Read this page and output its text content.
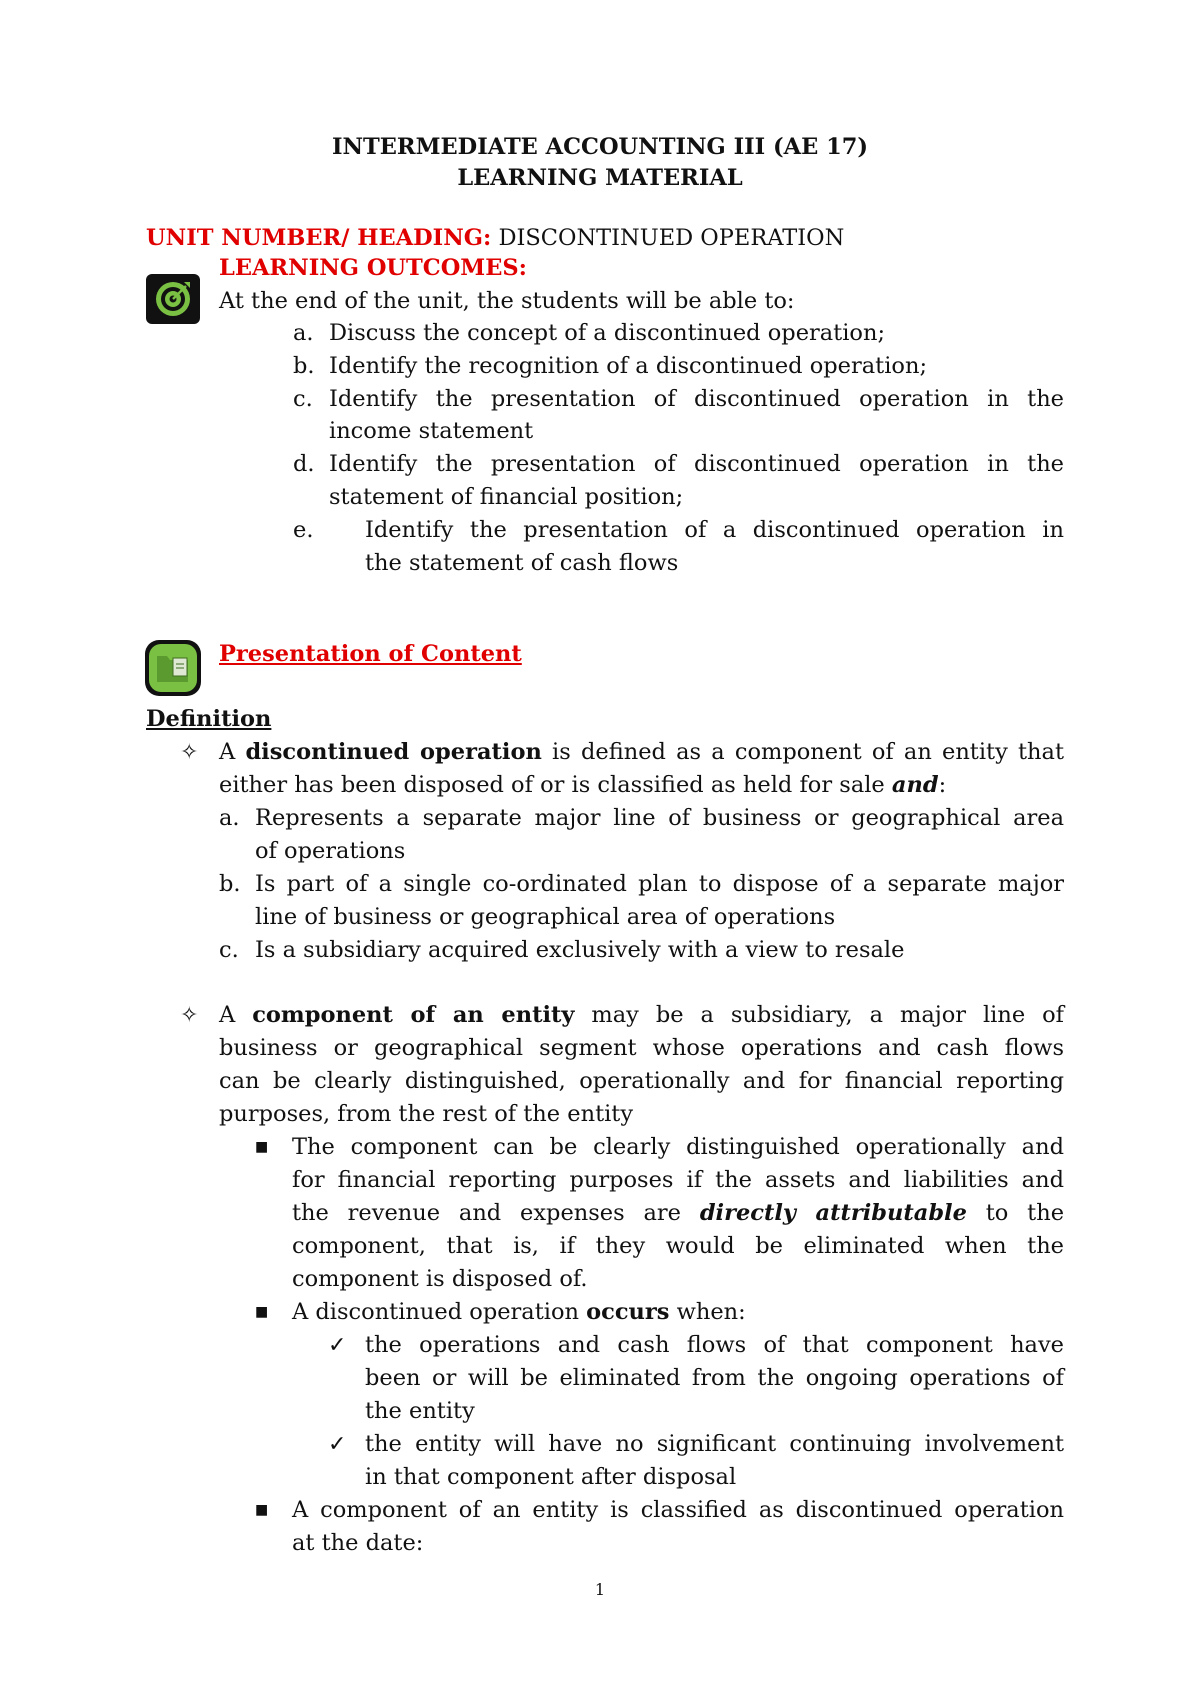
INTERMEDIATE ACCOUNTING III (AE 17)
LEARNING MATERIAL
UNIT NUMBER/ HEADING: DISCONTINUED OPERATION
LEARNING OUTCOMES:
At the end of the unit, the students will be able to:
a. Discuss the concept of a discontinued operation;
b. Identify the recognition of a discontinued operation;
c. Identify the presentation of discontinued operation in the
income statement
d. Identify the presentation of discontinued operation in the
statement of financial position;
e. Identify the presentation of a discontinued operation in
the statement of cash flows
Presentation of Content
Definition
✧ A discontinued operation is defined as a component of an entity that
either has been disposed of or is classified as held for sale and:
a. Represents a separate major line of business or geographical area
of operations
b. Is part of a single co-ordinated plan to dispose of a separate major
line of business or geographical area of operations
c. Is a subsidiary acquired exclusively with a view to resale
✧ A component of an entity may be a subsidiary, a major line of
business or geographical segment whose operations and cash flows
can be clearly distinguished, operationally and for financial reporting
purposes, from the rest of the entity
■ The component can be clearly distinguished operationally and
for financial reporting purposes if the assets and liabilities and
the revenue and expenses are directly attributable to the
component, that is, if they would be eliminated when the
component is disposed of.
■ A discontinued operation occurs when:
✓ the operations and cash flows of that component have
been or will be eliminated from the ongoing operations of
the entity
✓ the entity will have no significant continuing involvement
in that component after disposal
■ A component of an entity is classified as discontinued operation
at the date:
1
